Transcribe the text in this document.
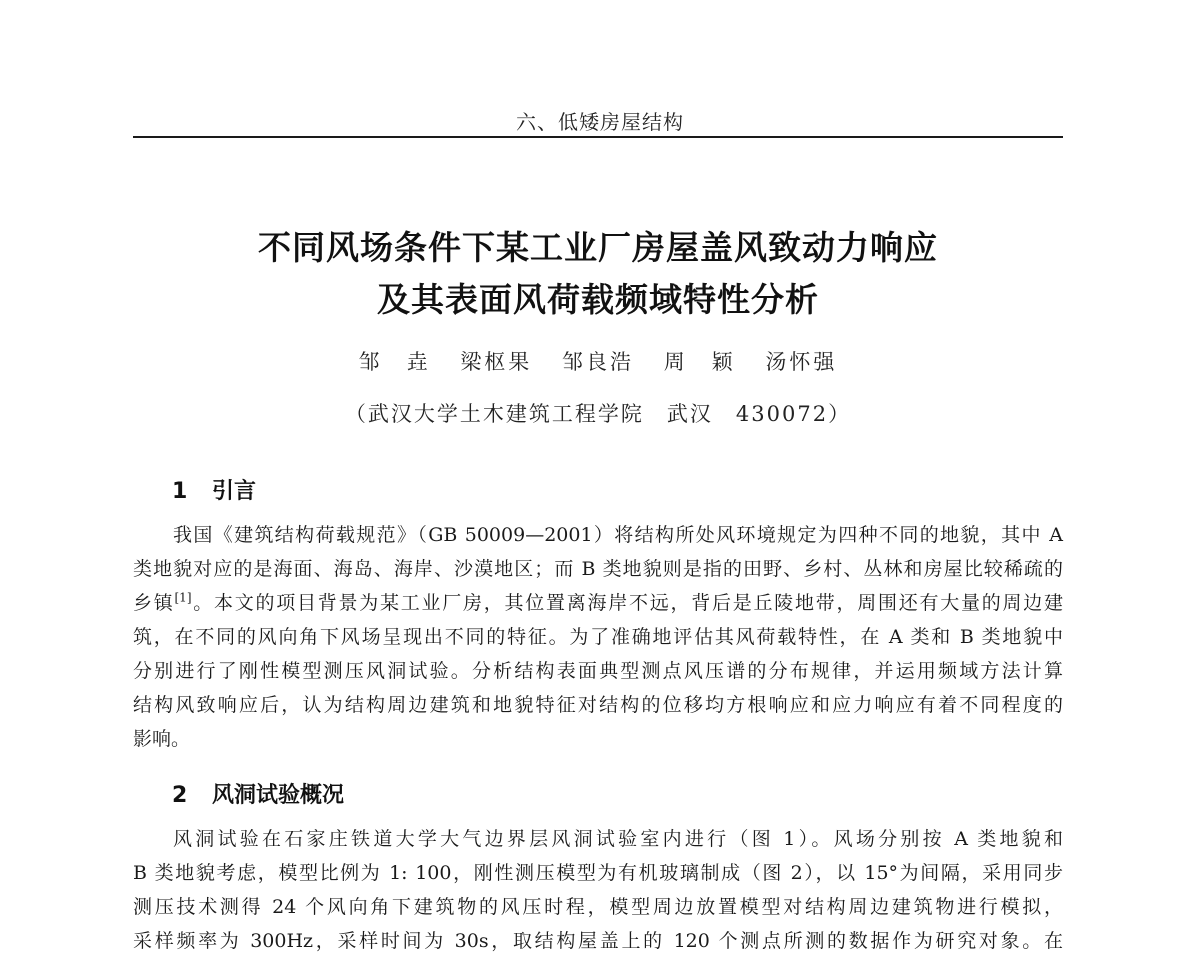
六、低矮房屋结构
不同风场条件下某工业厂房屋盖风致动力响应
及其表面风荷载频域特性分析
邹　垚 梁枢果 邹良浩 周　颖 汤怀强
（武汉大学土木建筑工程学院　武汉　430072）
1 引言
我国《建筑结构荷载规范》（GB 50009—2001）将结构所处风环境规定为四种不同的地貌，其中 A
类地貌对应的是海面、海岛、海岸、沙漠地区；而 B 类地貌则是指的田野、乡村、丛林和房屋比较稀疏的
乡镇[1]。本文的项目背景为某工业厂房，其位置离海岸不远，背后是丘陵地带，周围还有大量的周边建
筑，在不同的风向角下风场呈现出不同的特征。为了准确地评估其风荷载特性，在 A 类和 B 类地貌中
分别进行了刚性模型测压风洞试验。分析结构表面典型测点风压谱的分布规律，并运用频域方法计算
结构风致响应后，认为结构周边建筑和地貌特征对结构的位移均方根响应和应力响应有着不同程度的
影响。
2 风洞试验概况
风洞试验在石家庄铁道大学大气边界层风洞试验室内进行（图 1）。风场分别按 A 类地貌和
B 类地貌考虑，模型比例为 1: 100，刚性测压模型为有机玻璃制成（图 2），以 15°为间隔，采用同步
测压技术测得 24 个风向角下建筑物的风压时程，模型周边放置模型对结构周边建筑物进行模拟，
采样频率为 300Hz，采样时间为 30s，取结构屋盖上的 120 个测点所测的数据作为研究对象。在
